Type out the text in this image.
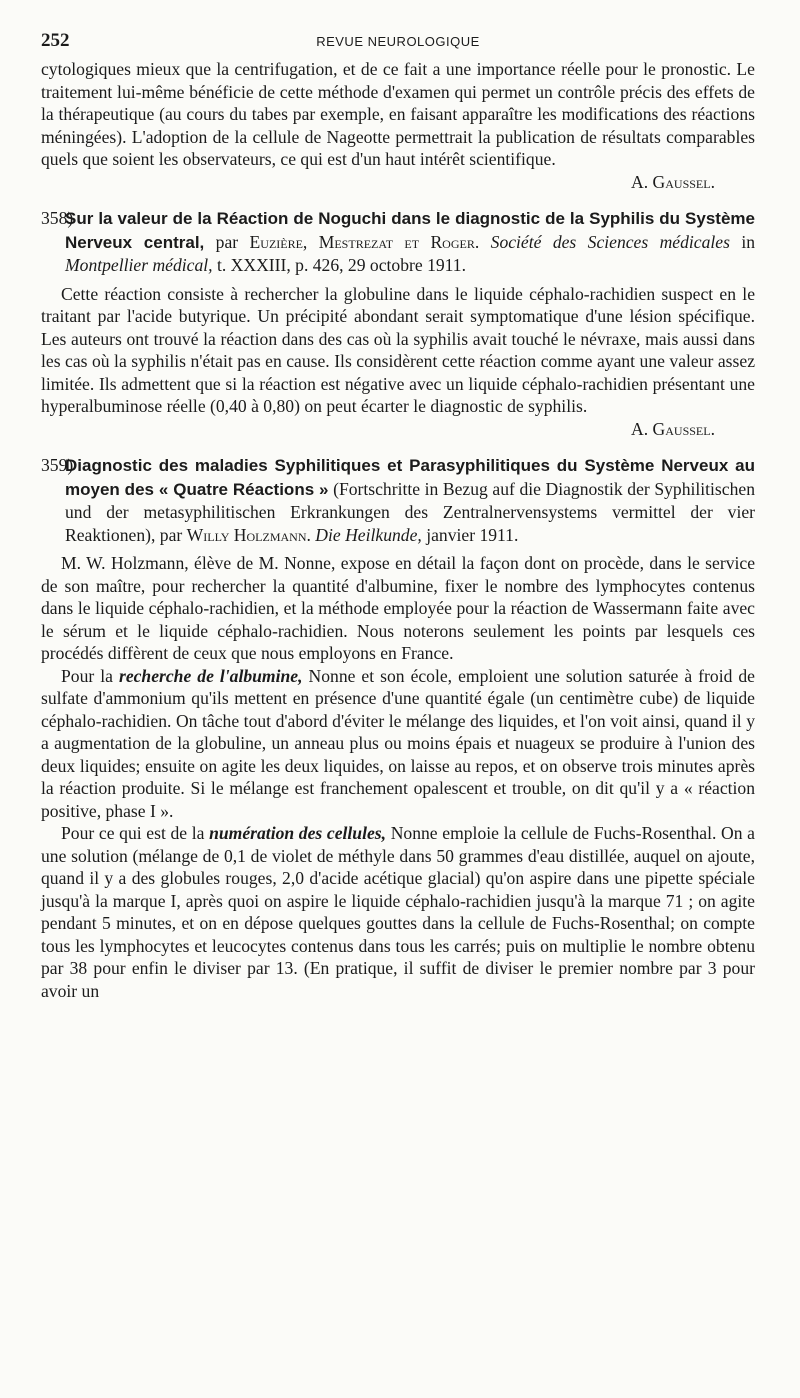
252	REVUE NEUROLOGIQUE

cytologiques mieux que la centrifugation, et de ce fait a une importance réelle pour le pronostic. Le traitement lui-même bénéficie de cette méthode d'examen qui permet un contrôle précis des effets de la thérapeutique (au cours du tabes par exemple, en faisant apparaître les modifications des réactions méningées). L'adoption de la cellule de Nageotte permettrait la publication de résultats comparables quels que soient les observateurs, ce qui est d'un haut intérêt scientifique.
A. Gaussel.

358)Sur la valeur de la Réaction de Noguchi dans le diagnostic de la Syphilis du Système Nerveux central, par Euzière, Mestrezat et Roger. Société des Sciences médicales in Montpellier médical, t. XXXIII, p. 426, 29 octobre 1911.

Cette réaction consiste à rechercher la globuline dans le liquide céphalo-rachidien suspect en le traitant par l'acide butyrique. Un précipité abondant serait symptomatique d'une lésion spécifique. Les auteurs ont trouvé la réaction dans des cas où la syphilis avait touché le névraxe, mais aussi dans les cas où la syphilis n'était pas en cause. Ils considèrent cette réaction comme ayant une valeur assez limitée. Ils admettent que si la réaction est négative avec un liquide céphalo-rachidien présentant une hyperalbuminose réelle (0,40 à 0,80) on peut écarter le diagnostic de syphilis.
A. Gaussel.

359)Diagnostic des maladies Syphilitiques et Parasyphilitiques du Système Nerveux au moyen des « Quatre Réactions » (Fortschritte in Bezug auf die Diagnostik der Syphilitischen und der metasyphilitischen Erkrankungen des Zentralnervensystems vermittel der vier Reaktionen), par Willy Holzmann. Die Heilkunde, janvier 1911.

M. W. Holzmann, élève de M. Nonne, expose en détail la façon dont on procède, dans le service de son maître, pour rechercher la quantité d'albumine, fixer le nombre des lymphocytes contenus dans le liquide céphalo-rachidien, et la méthode employée pour la réaction de Wassermann faite avec le sérum et le liquide céphalo-rachidien. Nous noterons seulement les points par lesquels ces procédés diffèrent de ceux que nous employons en France.

Pour la recherche de l'albumine, Nonne et son école, emploient une solution saturée à froid de sulfate d'ammonium qu'ils mettent en présence d'une quantité égale (un centimètre cube) de liquide céphalo-rachidien. On tâche tout d'abord d'éviter le mélange des liquides, et l'on voit ainsi, quand il y a augmentation de la globuline, un anneau plus ou moins épais et nuageux se produire à l'union des deux liquides; ensuite on agite les deux liquides, on laisse au repos, et on observe trois minutes après la réaction produite. Si le mélange est franchement opalescent et trouble, on dit qu'il y a « réaction positive, phase I ».

Pour ce qui est de la numération des cellules, Nonne emploie la cellule de Fuchs-Rosenthal. On a une solution (mélange de 0,1 de violet de méthyle dans 50 grammes d'eau distillée, auquel on ajoute, quand il y a des globules rouges, 2,0 d'acide acétique glacial) qu'on aspire dans une pipette spéciale jusqu'à la marque I, après quoi on aspire le liquide céphalo-rachidien jusqu'à la marque 71 ; on agite pendant 5 minutes, et on en dépose quelques gouttes dans la cellule de Fuchs-Rosenthal; on compte tous les lymphocytes et leucocytes contenus dans tous les carrés; puis on multiplie le nombre obtenu par 38 pour enfin le diviser par 13. (En pratique, il suffit de diviser le premier nombre par 3 pour avoir un
